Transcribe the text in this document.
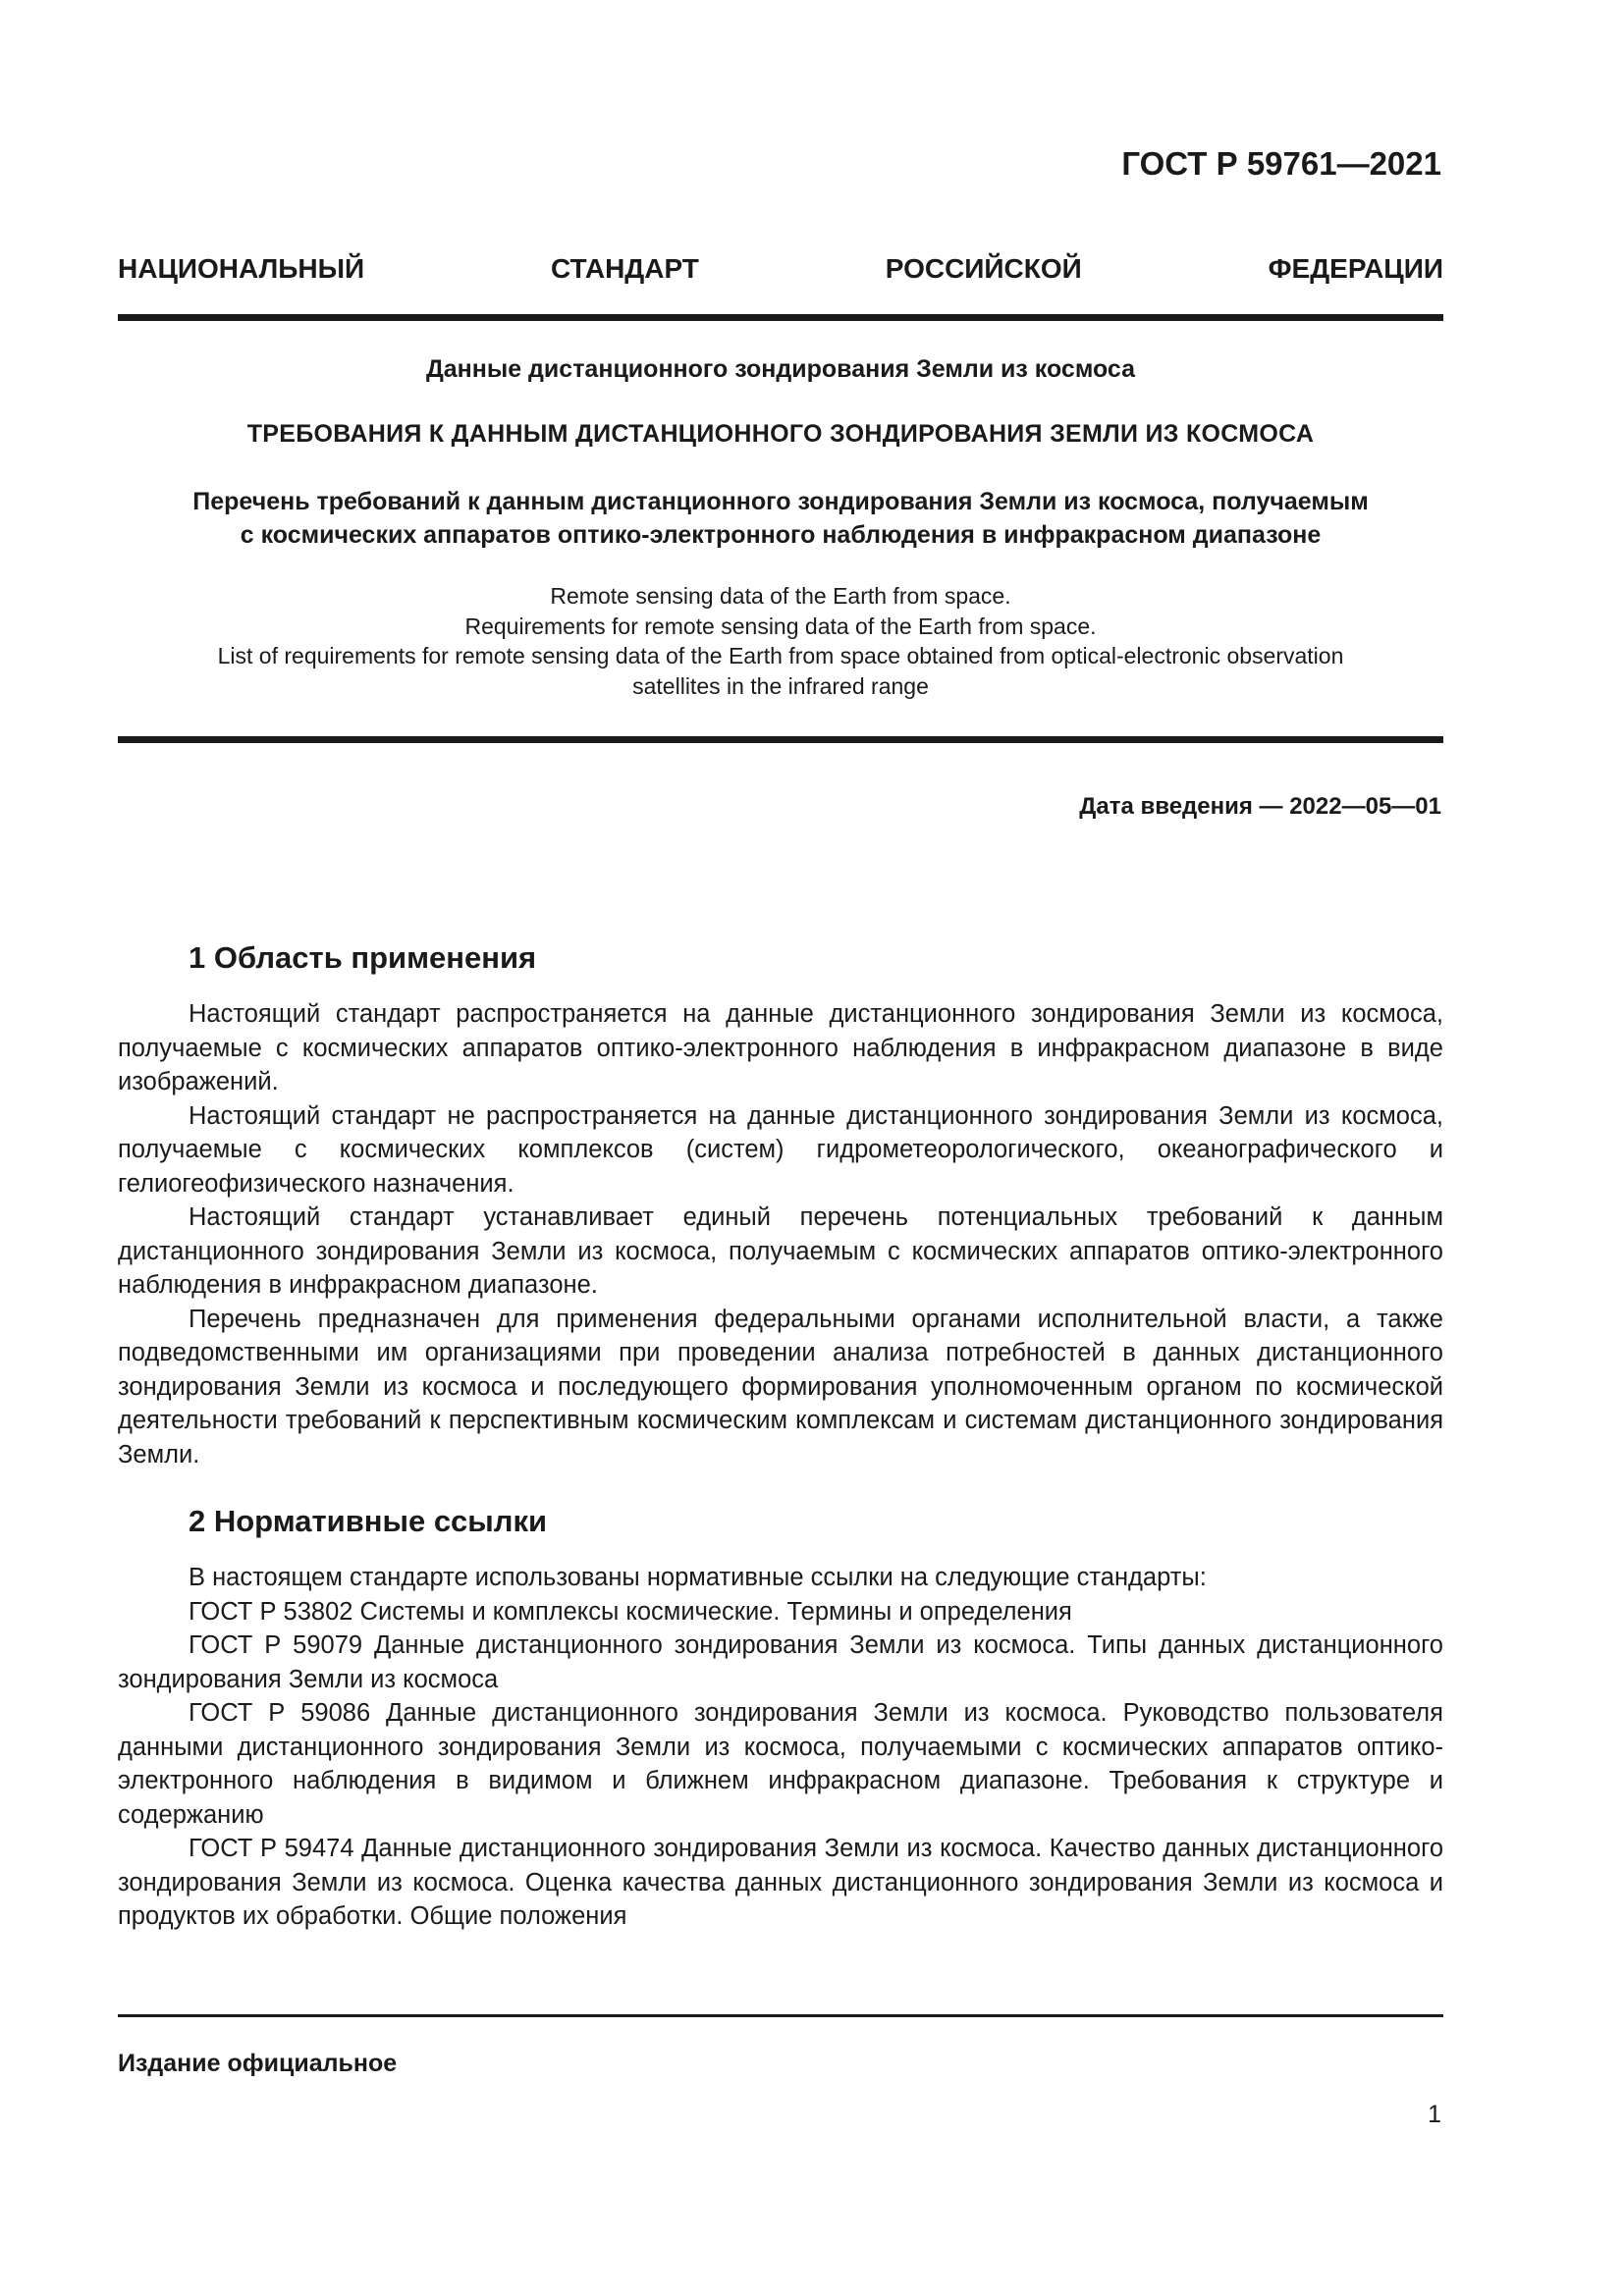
ГОСТ Р 59761—2021
НАЦИОНАЛЬНЫЙ СТАНДАРТ РОССИЙСКОЙ ФЕДЕРАЦИИ
Данные дистанционного зондирования Земли из космоса
ТРЕБОВАНИЯ К ДАННЫМ ДИСТАНЦИОННОГО ЗОНДИРОВАНИЯ ЗЕМЛИ ИЗ КОСМОСА
Перечень требований к данным дистанционного зондирования Земли из космоса, получаемым
с космических аппаратов оптико-электронного наблюдения в инфракрасном диапазоне
Remote sensing data of the Earth from space.
Requirements for remote sensing data of the Earth from space.
List of requirements for remote sensing data of the Earth from space obtained from optical-electronic observation
satellites in the infrared range
Дата введения — 2022—05—01
1 Область применения

Настоящий стандарт распространяется на данные дистанционного зондирования Земли из космоса, получаемые с космических аппаратов оптико-электронного наблюдения в инфракрасном диапазоне в виде изображений.

Настоящий стандарт не распространяется на данные дистанционного зондирования Земли из космоса, получаемые с космических комплексов (систем) гидрометеорологического, океанографического и гелиогеофизического назначения.

Настоящий стандарт устанавливает единый перечень потенциальных требований к данным дистанционного зондирования Земли из космоса, получаемым с космических аппаратов оптико-электронного наблюдения в инфракрасном диапазоне.

Перечень предназначен для применения федеральными органами исполнительной власти, а также подведомственными им организациями при проведении анализа потребностей в данных дистанционного зондирования Земли из космоса и последующего формирования уполномоченным органом по космической деятельности требований к перспективным космическим комплексам и системам дистанционного зондирования Земли.

2 Нормативные ссылки

В настоящем стандарте использованы нормативные ссылки на следующие стандарты:

ГОСТ Р 53802 Системы и комплексы космические. Термины и определения

ГОСТ Р 59079 Данные дистанционного зондирования Земли из космоса. Типы данных дистанционного зондирования Земли из космоса

ГОСТ Р 59086 Данные дистанционного зондирования Земли из космоса. Руководство пользователя данными дистанционного зондирования Земли из космоса, получаемыми с космических аппаратов оптико-электронного наблюдения в видимом и ближнем инфракрасном диапазоне. Требования к структуре и содержанию

ГОСТ Р 59474 Данные дистанционного зондирования Земли из космоса. Качество данных дистанционного зондирования Земли из космоса. Оценка качества данных дистанционного зондирования Земли из космоса и продуктов их обработки. Общие положения

Издание официальное
1
